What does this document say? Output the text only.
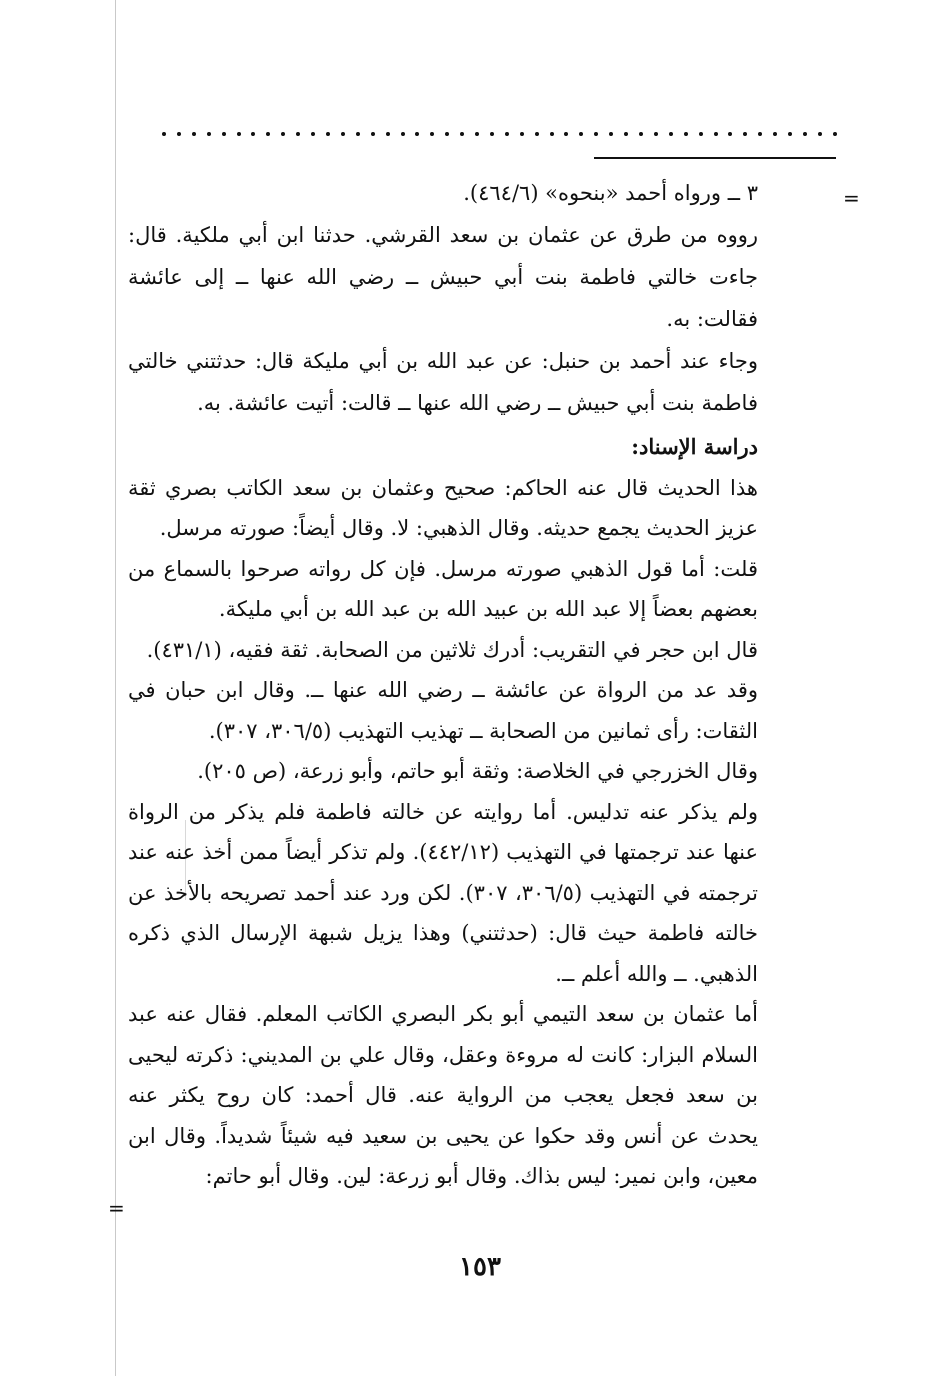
=
=

٣ ــ ورواه أحمد «بنحوه» (٤٦٤/٦).

رووه من طرق عن عثمان بن سعد القرشي. حدثنا ابن أبي ملكية. قال: جاءت خالتي فاطمة بنت أبي حبيش ــ رضي الله عنها ــ إلى عائشة فقالت: به.

وجاء عند أحمد بن حنبل: عن عبد الله بن أبي مليكة قال: حدثتني خالتي فاطمة بنت أبي حبيش ــ رضي الله عنها ــ قالت: أتيت عائشة. به.

دراسة الإسناد:

هذا الحديث قال عنه الحاكم: صحيح وعثمان بن سعد الكاتب بصري ثقة عزيز الحديث يجمع حديثه. وقال الذهبي: لا. وقال أيضاً: صورته مرسل.

قلت: أما قول الذهبي صورته مرسل. فإن كل رواته صرحوا بالسماع من بعضهم بعضاً إلا عبد الله بن عبيد الله بن عبد الله بن أبي مليكة.

قال ابن حجر في التقريب: أدرك ثلاثين من الصحابة. ثقة فقيه، (٤٣١/١).

وقد عد من الرواة عن عائشة ــ رضي الله عنها ــ. وقال ابن حبان في الثقات: رأى ثمانين من الصحابة ــ تهذيب التهذيب (٣٠٦/٥، ٣٠٧).

وقال الخزرجي في الخلاصة: وثقة أبو حاتم، وأبو زرعة، (ص ٢٠٥).

ولم يذكر عنه تدليس. أما روايته عن خالته فاطمة فلم يذكر من الرواة عنها عند ترجمتها في التهذيب (٤٤٢/١٢). ولم تذكر أيضاً ممن أخذ عنه عند ترجمته في التهذيب (٣٠٦/٥، ٣٠٧). لكن ورد عند أحمد تصريحه بالأخذ عن خالته فاطمة حيث قال: (حدثتني) وهذا يزيل شبهة الإرسال الذي ذكره الذهبي. ــ والله أعلم ــ.

أما عثمان بن سعد التيمي أبو بكر البصري الكاتب المعلم. فقال عنه عبد السلام البزار: كانت له مروءة وعقل، وقال علي بن المديني: ذكرته ليحيى بن سعد فجعل يعجب من الرواية عنه. قال أحمد: كان روح يكثر عنه يحدث عن أنس وقد حكوا عن يحيى بن سعيد فيه شيئاً شديداً. وقال ابن معين، وابن نمير: ليس بذاك. وقال أبو زرعة: لين. وقال أبو حاتم:

١٥٣
